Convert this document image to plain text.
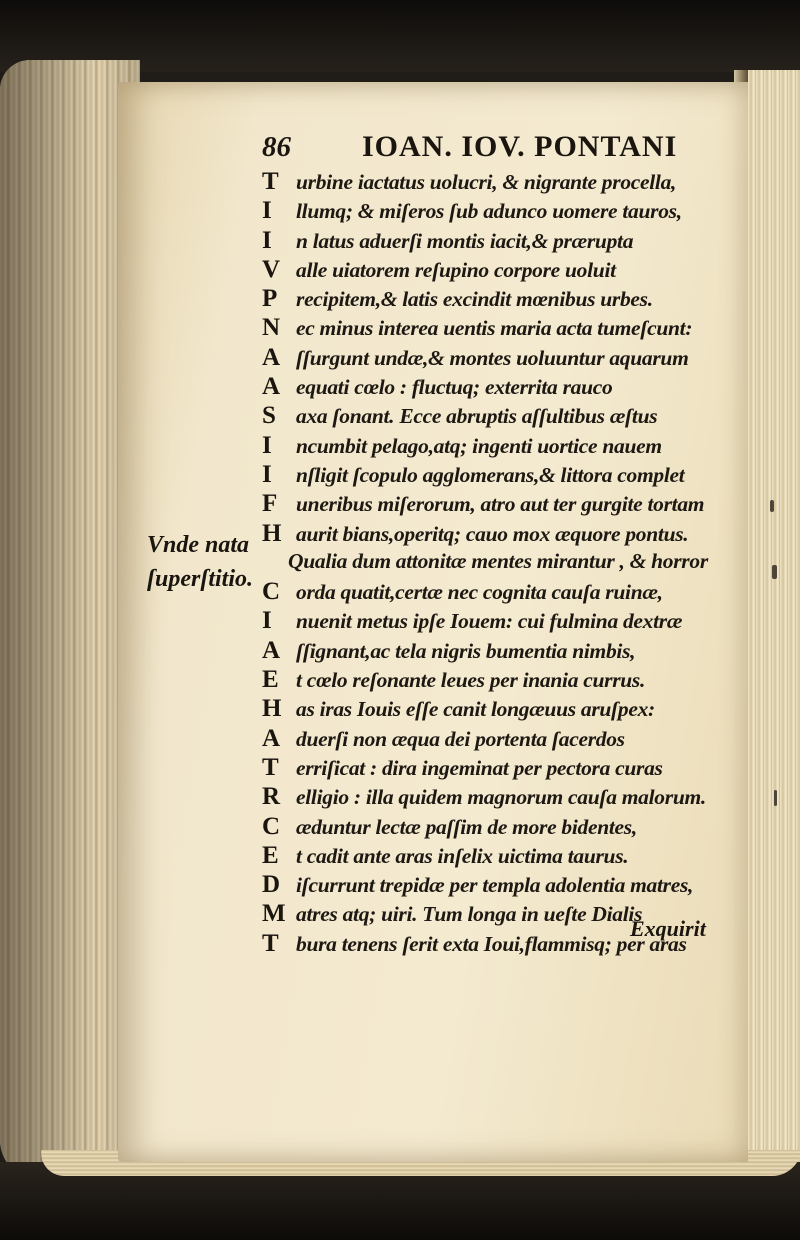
86	IOAN. IOV. PONTANI
Vnde nata
ſuperſtitio.
T urbine iactatus uolucri, & nigrante procella,
I	llumq; & miſeros ſub adunco uomere tauros,
I	n latus aduerſi montis iacit,& prærupta
V alle uiatorem reſupino corpore uoluit
P recipitem,& latis excindit mœnibus urbes.
N ec minus interea uentis maria acta tumeſcunt:
A ſſurgunt undæ,& montes uoluuntur aquarum
A equati cœlo : fluctuq; exterrita rauco
S axa ſonant. Ecce abruptis aſſultibus æſtus
I	ncumbit pelago,atq; ingenti uortice nauem
I	nſligit ſcopulo agglomerans,& littora complet
F uneribus miſerorum, atro aut ter gurgite tortam
H aurit bians,operitq; cauo mox æquore pontus.
Qualia dum attonitæ mentes mirantur , & horror
C orda quatit,certæ nec cognita cauſa ruinæ,
I	nuenit metus ipſe Iouem: cui fulmina dextræ
A ſſignant,ac tela nigris bumentia nimbis,
E t cœlo reſonante leues per inania currus.
H as iras Iouis eſſe canit longæuus aruſpex:
A duerſi non æqua dei portenta ſacerdos
T erriſicat : dira ingeminat per pectora curas
R elligio : illa quidem magnorum cauſa malorum.
C æduntur lectæ paſſim de more bidentes,
E t cadit ante aras inſelix uictima taurus.
D iſcurrunt trepidæ per templa adolentia matres,
M atres atq; uiri. Tum longa in ueſte Dialis
T bura tenens ſerit exta Ioui,flammisq; per aras
Exquirit
